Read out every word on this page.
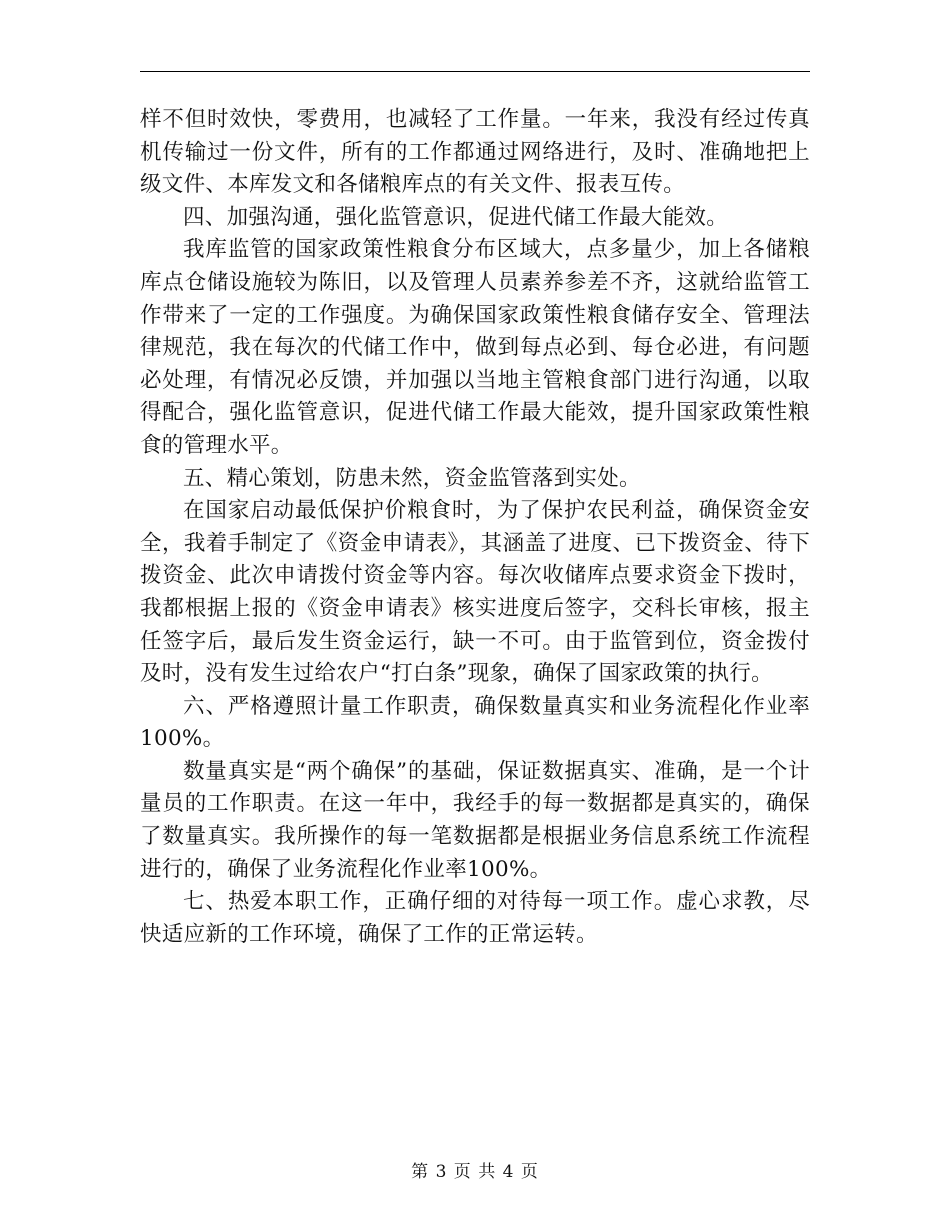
样不但时效快，零费用，也减轻了工作量。一年来，我没有经过传真机传输过一份文件，所有的工作都通过网络进行，及时、准确地把上级文件、本库发文和各储粮库点的有关文件、报表互传。

四、加强沟通，强化监管意识，促进代储工作最大能效。

我库监管的国家政策性粮食分布区域大，点多量少，加上各储粮库点仓储设施较为陈旧，以及管理人员素养参差不齐，这就给监管工作带来了一定的工作强度。为确保国家政策性粮食储存安全、管理法律规范，我在每次的代储工作中，做到每点必到、每仓必进，有问题必处理，有情况必反馈，并加强以当地主管粮食部门进行沟通，以取得配合，强化监管意识，促进代储工作最大能效，提升国家政策性粮食的管理水平。

五、精心策划，防患未然，资金监管落到实处。

在国家启动最低保护价粮食时，为了保护农民利益，确保资金安全，我着手制定了《资金申请表》，其涵盖了进度、已下拨资金、待下拨资金、此次申请拨付资金等内容。每次收储库点要求资金下拨时，我都根据上报的《资金申请表》核实进度后签字，交科长审核，报主任签字后，最后发生资金运行，缺一不可。由于监管到位，资金拨付及时，没有发生过给农户“打白条”现象，确保了国家政策的执行。

六、严格遵照计量工作职责，确保数量真实和业务流程化作业率100%。

数量真实是“两个确保”的基础，保证数据真实、准确，是一个计量员的工作职责。在这一年中，我经手的每一数据都是真实的，确保了数量真实。我所操作的每一笔数据都是根据业务信息系统工作流程进行的，确保了业务流程化作业率100%。

七、热爱本职工作，正确仔细的对待每一项工作。虚心求教，尽快适应新的工作环境，确保了工作的正常运转。

第 3 页 共 4 页
